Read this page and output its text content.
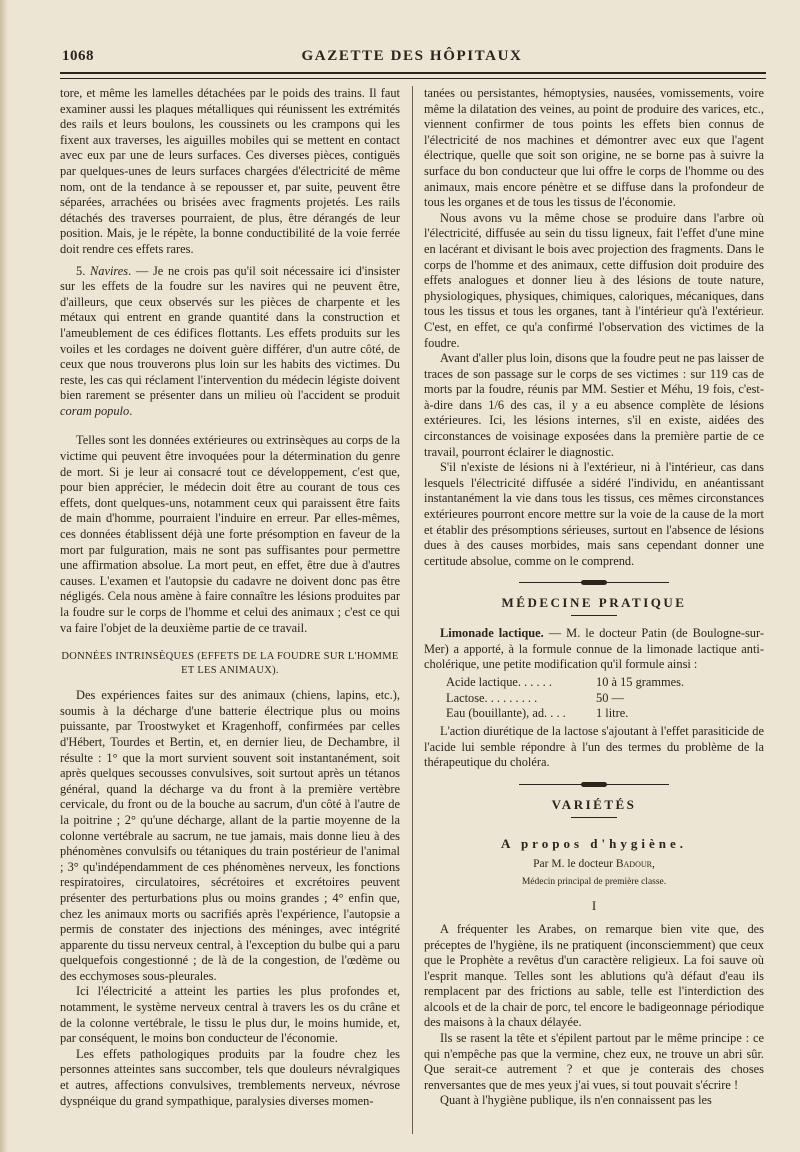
1068	GAZETTE DES HÔPITAUX

tore, et même les lamelles détachées par le poids des trains. Il faut examiner aussi les plaques métalliques qui réunissent les extrémités des rails et leurs boulons, les coussinets ou les crampons qui les fixent aux traverses, les aiguilles mobiles qui se mettent en contact avec eux par une de leurs surfaces. Ces diverses pièces, contiguës par quelques-unes de leurs surfaces chargées d'électricité de même nom, ont de la tendance à se repousser et, par suite, peuvent être séparées, arrachées ou brisées avec fragments projetés. Les rails détachés des traverses pourraient, de plus, être dérangés de leur position. Mais, je le répète, la bonne conductibilité de la voie ferrée doit rendre ces effets rares.

5. Navires. — Je ne crois pas qu'il soit nécessaire ici d'insister sur les effets de la foudre sur les navires qui ne peuvent être, d'ailleurs, que ceux observés sur les pièces de charpente et les métaux qui entrent en grande quantité dans la construction et l'ameublement de ces édifices flottants. Les effets produits sur les voiles et les cordages ne doivent guère différer, d'un autre côté, de ceux que nous trouverons plus loin sur les habits des victimes. Du reste, les cas qui réclament l'intervention du médecin légiste doivent bien rarement se présenter dans un milieu où l'accident se produit coram populo.

Telles sont les données extérieures ou extrinsèques au corps de la victime qui peuvent être invoquées pour la détermination du genre de mort. Si je leur ai consacré tout ce développement, c'est que, pour bien apprécier, le médecin doit être au courant de tous ces effets, dont quelques-uns, notamment ceux qui paraissent être faits de main d'homme, pourraient l'induire en erreur. Par elles-mêmes, ces données établissent déjà une forte présomption en faveur de la mort par fulguration, mais ne sont pas suffisantes pour permettre une affirmation absolue. La mort peut, en effet, être due à d'autres causes. L'examen et l'autopsie du cadavre ne doivent donc pas être négligés. Cela nous amène à faire connaître les lésions produites par la foudre sur le corps de l'homme et celui des animaux ; c'est ce qui va faire l'objet de la deuxième partie de ce travail.

DONNÉES INTRINSÈQUES (EFFETS DE LA FOUDRE SUR L'HOMME ET LES ANIMAUX).

Des expériences faites sur des animaux (chiens, lapins, etc.), soumis à la décharge d'une batterie électrique plus ou moins puissante, par Troostwyket et Kragenhoff, confirmées par celles d'Hébert, Tourdes et Bertin, et, en dernier lieu, de Dechambre, il résulte : 1° que la mort survient souvent soit instantanément, soit après quelques secousses convulsives, soit surtout après un tétanos général, quand la décharge va du front à la première vertèbre cervicale, du front ou de la bouche au sacrum, d'un côté à l'autre de la poitrine ; 2° qu'une décharge, allant de la partie moyenne de la colonne vertébrale au sacrum, ne tue jamais, mais donne lieu à des phénomènes convulsifs ou tétaniques du train postérieur de l'animal ; 3° qu'indépendamment de ces phénomènes nerveux, les fonctions respiratoires, circulatoires, sécrétoires et excrétoires peuvent présenter des perturbations plus ou moins grandes ; 4° enfin que, chez les animaux morts ou sacrifiés après l'expérience, l'autopsie a permis de constater des injections des méninges, avec intégrité apparente du tissu nerveux central, à l'exception du bulbe qui a paru quelquefois congestionné ; de là de la congestion, de l'œdème ou des ecchymoses sous-pleurales.

Ici l'électricité a atteint les parties les plus profondes et, notamment, le système nerveux central à travers les os du crâne et de la colonne vertébrale, le tissu le plus dur, le moins humide, et, par conséquent, le moins bon conducteur de l'économie.

Les effets pathologiques produits par la foudre chez les personnes atteintes sans succomber, tels que douleurs névralgiques et autres, affections convulsives, tremblements nerveux, névrose dyspnéique du grand sympathique, paralysies diverses momen-

tanées ou persistantes, hémoptysies, nausées, vomissements, voire même la dilatation des veines, au point de produire des varices, etc., viennent confirmer de tous points les effets bien connus de l'électricité de nos machines et démontrer avec eux que l'agent électrique, quelle que soit son origine, ne se borne pas à suivre la surface du bon conducteur que lui offre le corps de l'homme ou des animaux, mais encore pénètre et se diffuse dans la profondeur de tous les organes et de tous les tissus de l'économie.

Nous avons vu la même chose se produire dans l'arbre où l'électricité, diffusée au sein du tissu ligneux, fait l'effet d'une mine en lacérant et divisant le bois avec projection des fragments. Dans le corps de l'homme et des animaux, cette diffusion doit produire des effets analogues et donner lieu à des lésions de toute nature, physiologiques, physiques, chimiques, caloriques, mécaniques, dans tous les tissus et tous les organes, tant à l'intérieur qu'à l'extérieur. C'est, en effet, ce qu'a confirmé l'observation des victimes de la foudre.

Avant d'aller plus loin, disons que la foudre peut ne pas laisser de traces de son passage sur le corps de ses victimes : sur 119 cas de morts par la foudre, réunis par MM. Sestier et Méhu, 19 fois, c'est-à-dire dans 1/6 des cas, il y a eu absence complète de lésions extérieures. Ici, les lésions internes, s'il en existe, aidées des circonstances de voisinage exposées dans la première partie de ce travail, pourront éclairer le diagnostic.

S'il n'existe de lésions ni à l'extérieur, ni à l'intérieur, cas dans lesquels l'électricité diffusée a sidéré l'individu, en anéantissant instantanément la vie dans tous les tissus, ces mêmes circonstances extérieures pourront encore mettre sur la voie de la cause de la mort et établir des présomptions sérieuses, surtout en l'absence de lésions dues à des causes morbides, mais sans cependant donner une certitude absolue, comme on le comprend.

MÉDECINE PRATIQUE

Limonade lactique. — M. le docteur Patin (de Boulogne-sur-Mer) a apporté, à la formule connue de la limonade lactique anti-cholérique, une petite modification qu'il formule ainsi :

Acide lactique. . . . . .	10 à 15 grammes.
Lactose. . . . . . . . .	50 —
Eau (bouillante), ad. . . .	1 litre.

L'action diurétique de la lactose s'ajoutant à l'effet parasiticide de l'acide lui semble répondre à l'un des termes du problème de la thérapeutique du choléra.

VARIÉTÉS
A propos d'hygiène.
Par M. le docteur Badour,
Médecin principal de première classe.
I

A fréquenter les Arabes, on remarque bien vite que, des préceptes de l'hygiène, ils ne pratiquent (inconsciemment) que ceux que le Prophète a revêtus d'un caractère religieux. La foi sauve où l'esprit manque. Telles sont les ablutions qu'à défaut d'eau ils remplacent par des frictions au sable, telle est l'interdiction des alcools et de la chair de porc, tel encore le badigeonnage périodique des maisons à la chaux délayée.

Ils se rasent la tête et s'épilent partout par le même principe : ce qui n'empêche pas que la vermine, chez eux, ne trouve un abri sûr. Que serait-ce autrement ? et que je conterais des choses renversantes que de mes yeux j'ai vues, si tout pouvait s'écrire !

Quant à l'hygiène publique, ils n'en connaissent pas les
